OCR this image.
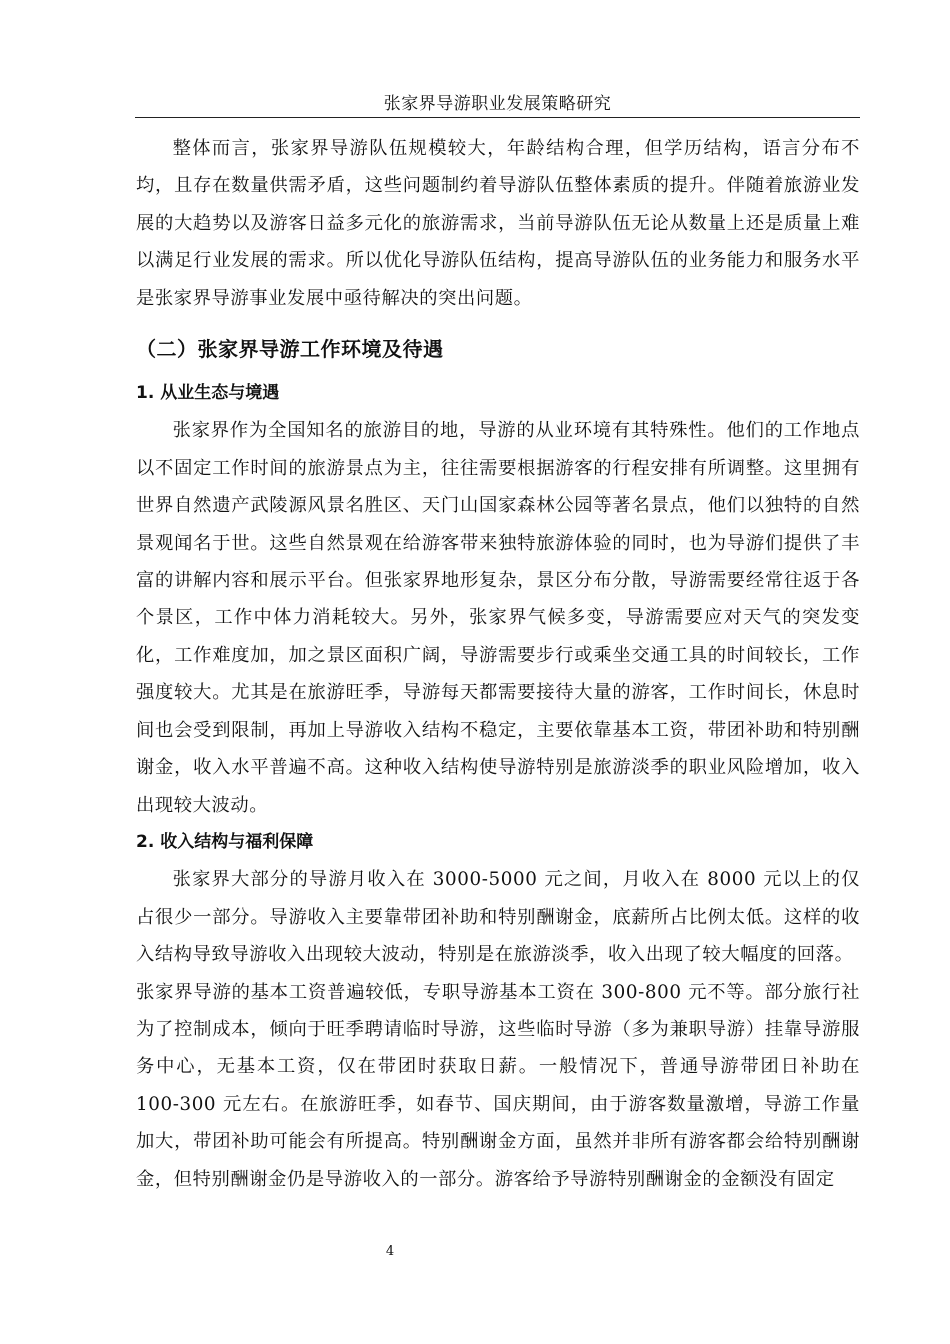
张家界导游职业发展策略研究

整体而言，张家界导游队伍规模较大，年龄结构合理，但学历结构，语言分布不均，且存在数量供需矛盾，这些问题制约着导游队伍整体素质的提升。伴随着旅游业发展的大趋势以及游客日益多元化的旅游需求，当前导游队伍无论从数量上还是质量上难以满足行业发展的需求。所以优化导游队伍结构，提高导游队伍的业务能力和服务水平是张家界导游事业发展中亟待解决的突出问题。

（二）张家界导游工作环境及待遇
1. 从业生态与境遇

张家界作为全国知名的旅游目的地，导游的从业环境有其特殊性。他们的工作地点以不固定工作时间的旅游景点为主，往往需要根据游客的行程安排有所调整。这里拥有世界自然遗产武陵源风景名胜区、天门山国家森林公园等著名景点，他们以独特的自然景观闻名于世。这些自然景观在给游客带来独特旅游体验的同时，也为导游们提供了丰富的讲解内容和展示平台。但张家界地形复杂，景区分布分散，导游需要经常往返于各个景区，工作中体力消耗较大。另外，张家界气候多变，导游需要应对天气的突发变化，工作难度加，加之景区面积广阔，导游需要步行或乘坐交通工具的时间较长，工作强度较大。尤其是在旅游旺季，导游每天都需要接待大量的游客，工作时间长，休息时间也会受到限制，再加上导游收入结构不稳定，主要依靠基本工资，带团补助和特别酬谢金，收入水平普遍不高。这种收入结构使导游特别是旅游淡季的职业风险增加，收入出现较大波动。

2. 收入结构与福利保障

张家界大部分的导游月收入在 3000-5000 元之间，月收入在 8000 元以上的仅占很少一部分。导游收入主要靠带团补助和特别酬谢金，底薪所占比例太低。这样的收入结构导致导游收入出现较大波动，特别是在旅游淡季，收入出现了较大幅度的回落。

张家界导游的基本工资普遍较低，专职导游基本工资在 300-800 元不等。部分旅行社为了控制成本，倾向于旺季聘请临时导游，这些临时导游（多为兼职导游）挂靠导游服务中心，无基本工资，仅在带团时获取日薪。一般情况下，普通导游带团日补助在 100-300 元左右。在旅游旺季，如春节、国庆期间，由于游客数量激增，导游工作量加大，带团补助可能会有所提高。特别酬谢金方面，虽然并非所有游客都会给特别酬谢金，但特别酬谢金仍是导游收入的一部分。游客给予导游特别酬谢金的金额没有固定

4
